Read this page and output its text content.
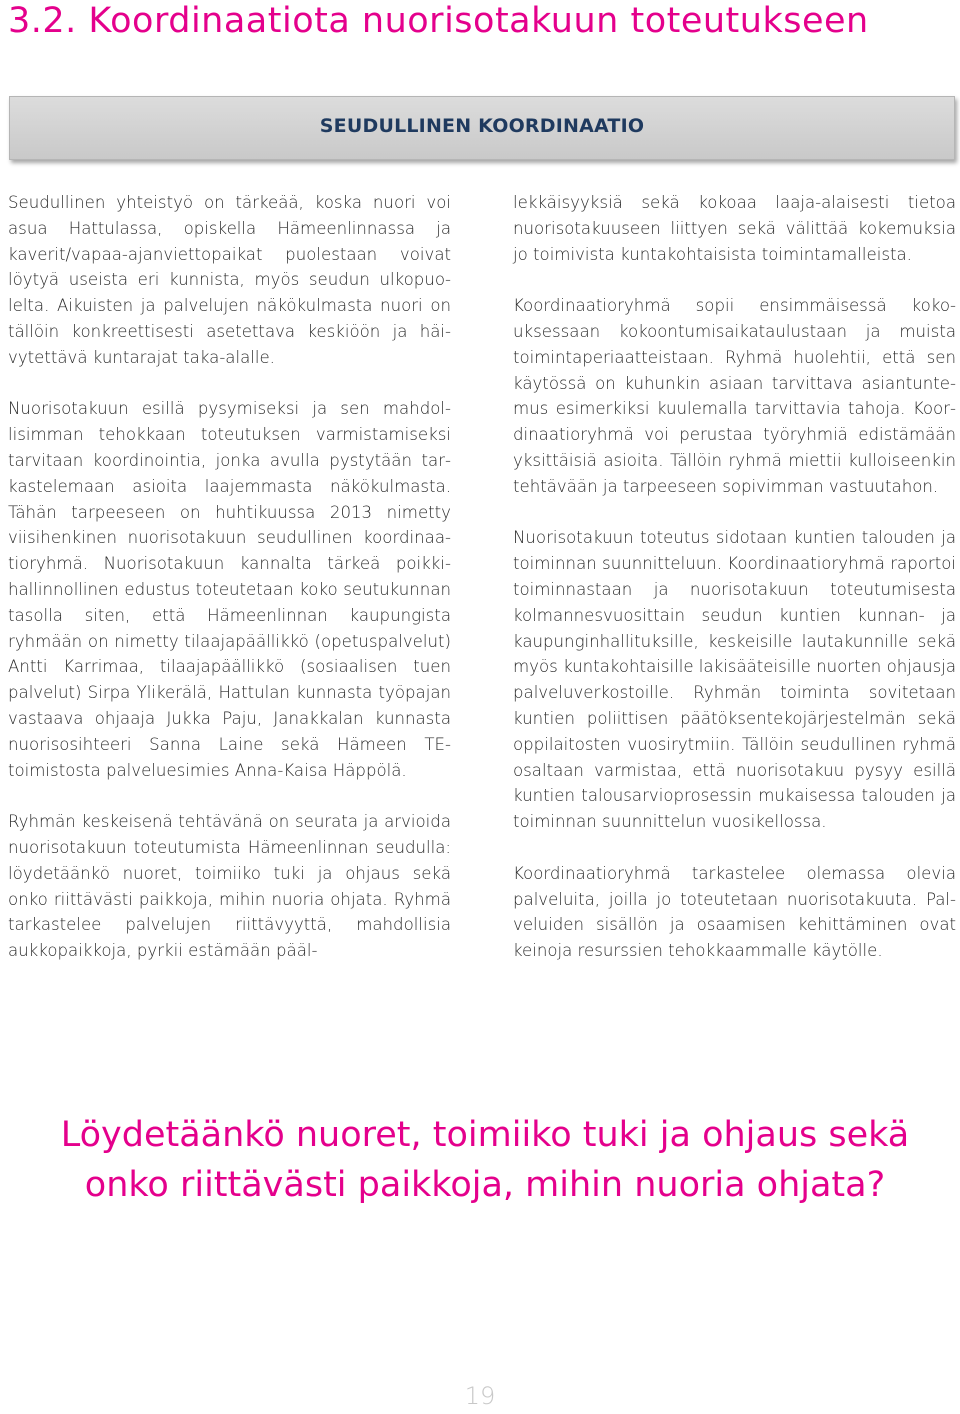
3.2. Koordinaatiota nuorisotakuun toteutukseen
SEUDULLINEN KOORDINAATIO

Seudullinen yhteistyö on tärkeää, koska nuori voi asua Hattulassa, opiskella Hämeenlinnassa ja kaverit/vapaa-ajanviettopaikat puolestaan voivat löytyä useista eri kunnista, myös seudun ulkopuolelta. Aikuisten ja palvelujen näkökulmasta nuori on tällöin konkreettisesti asetettava keskiöön ja häivytettävä kuntarajat taka-alalle.

Nuorisotakuun esillä pysymiseksi ja sen mahdollisimman tehokkaan toteutuksen varmistamiseksi tarvitaan koordinointia, jonka avulla pystytään tarkastelemaan asioita laajemmasta näkökulmasta. Tähän tarpeeseen on huhtikuussa 2013 nimetty viisihenkinen nuorisotakuun seudullinen koordinaatioryhmä. Nuorisotakuun kannalta tärkeä poikkihallinnollinen edustus toteutetaan koko seutukunnan tasolla siten, että Hämeenlinnan kaupungista ryhmään on nimetty tilaajapäällikkö (opetuspalvelut) Antti Karrimaa, tilaajapäällikkö (sosiaalisen tuen palvelut) Sirpa Ylikerälä, Hattulan kunnasta työpajan vastaava ohjaaja Jukka Paju, Janakkalan kunnasta nuorisosihteeri Sanna Laine sekä Hämeen TE-toimistosta palveluesimies Anna-Kaisa Häppölä.

Ryhmän keskeisenä tehtävänä on seurata ja arvioida nuorisotakuun toteutumista Hämeenlinnan seudulla: löydetäänkö nuoret, toimiiko tuki ja ohjaus sekä onko riittävästi paikkoja, mihin nuoria ohjata. Ryhmä tarkastelee palvelujen riittävyyttä, mahdollisia aukkopaikkoja, pyrkii estämään pääl-

lekkäisyyksiä sekä kokoaa laaja-alaisesti tietoa nuorisotakuuseen liittyen sekä välittää kokemuksia jo toimivista kuntakohtaisista toimintamalleista.

Koordinaatioryhmä sopii ensimmäisessä kokouksessaan kokoontumisaikataulustaan ja muista toimintaperiaatteistaan. Ryhmä huolehtii, että sen käytössä on kuhunkin asiaan tarvittava asiantuntemus esimerkiksi kuulemalla tarvittavia tahoja. Koordinaatioryhmä voi perustaa työryhmiä edistämään yksittäisiä asioita. Tällöin ryhmä miettii kulloiseenkin tehtävään ja tarpeeseen sopivimman vastuutahon.

Nuorisotakuun toteutus sidotaan kuntien talouden ja toiminnan suunnitteluun. Koordinaatioryhmä raportoi toiminnastaan ja nuorisotakuun toteutumisesta kolmannesvuosittain seudun kuntien kunnan- ja kaupunginhallituksille, keskeisille lautakunnille sekä myös kuntakohtaisille lakisääteisille nuorten ohjausja palveluverkostoille. Ryhmän toiminta sovitetaan kuntien poliittisen päätöksentekojärjestelmän sekä oppilaitosten vuosirytmiin. Tällöin seudullinen ryhmä osaltaan varmistaa, että nuorisotakuu pysyy esillä kuntien talousarvioprosessin mukaisessa talouden ja toiminnan suunnittelun vuosikellossa.

Koordinaatioryhmä tarkastelee olemassa olevia palveluita, joilla jo toteutetaan nuorisotakuuta. Palveluiden sisällön ja osaamisen kehittäminen ovat keinoja resurssien tehokkaammalle käytölle.

Löydetäänkö nuoret, toimiiko tuki ja ohjaus sekä onko riittävästi paikkoja, mihin nuoria ohjata?
19
